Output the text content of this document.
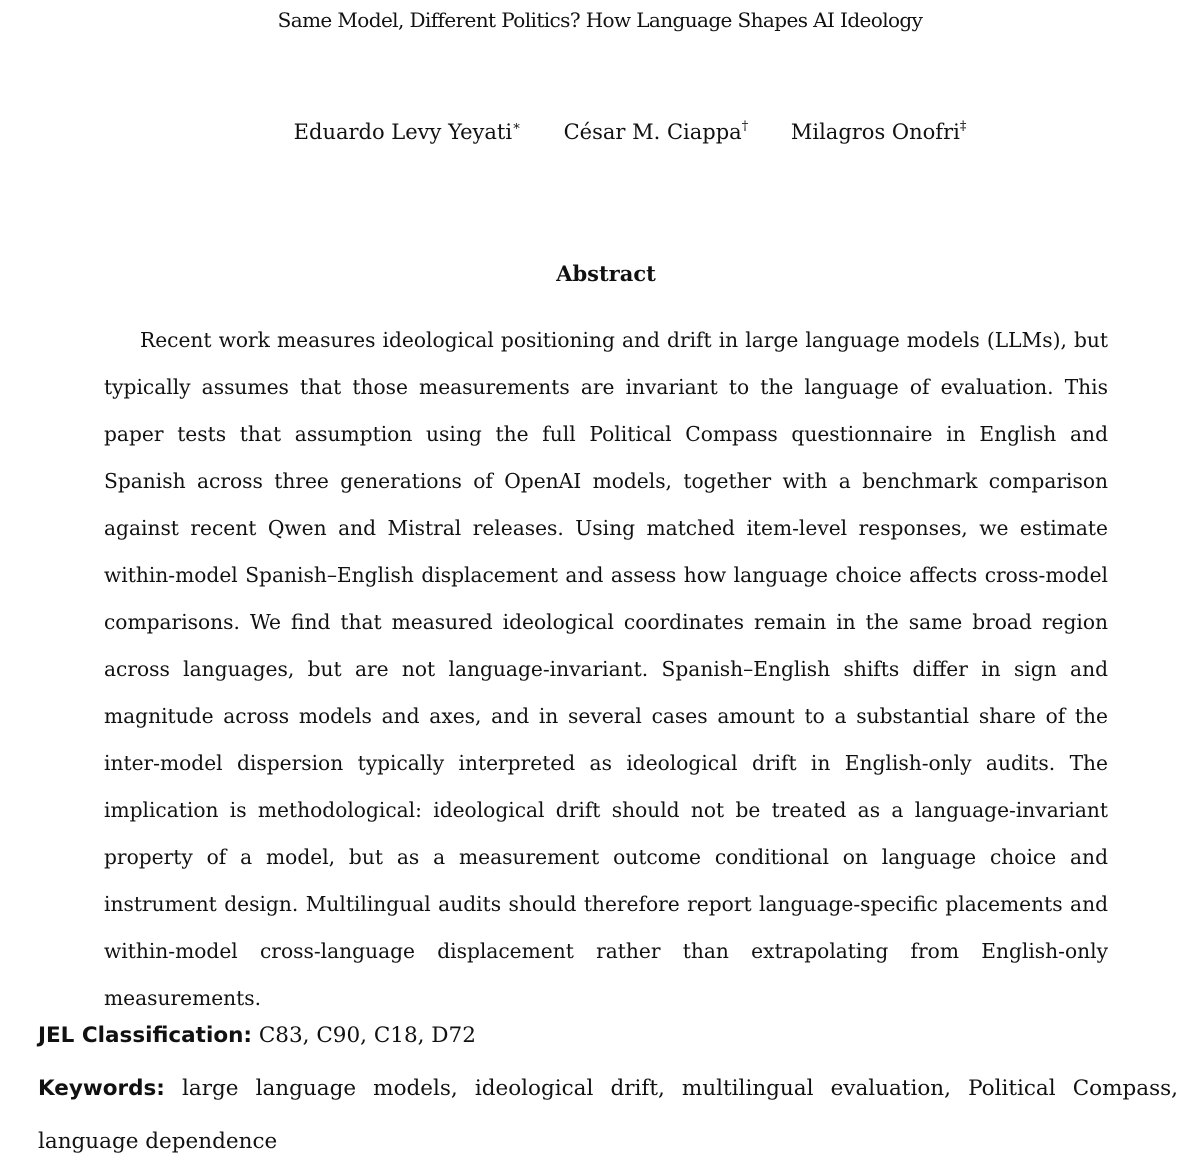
Same Model, Different Politics? How Language Shapes AI Ideology
Eduardo Levy Yeyati∗ César M. Ciappa† Milagros Onofri‡
Abstract

Recent work measures ideological positioning and drift in large language models (LLMs), but typically assumes that those measurements are invariant to the language of evaluation. This paper tests that assumption using the full Political Compass questionnaire in English and Spanish across three generations of OpenAI models, together with a benchmark comparison against recent Qwen and Mistral releases. Using matched item-level responses, we estimate within-model Spanish–English displacement and assess how language choice affects cross-model comparisons. We find that measured ideological coordinates remain in the same broad region across languages, but are not language-invariant. Spanish–English shifts differ in sign and magnitude across models and axes, and in several cases amount to a substantial share of the inter-model dispersion typically interpreted as ideological drift in English-only audits. The implication is methodological: ideological drift should not be treated as a language-invariant property of a model, but as a measurement outcome conditional on language choice and instrument design. Multilingual audits should therefore report language-specific placements and within-model cross-language displacement rather than extrapolating from English-only measurements.

JEL Classification: C83, C90, C18, D72

Keywords: large language models, ideological drift, multilingual evaluation, Political Compass, language dependence
